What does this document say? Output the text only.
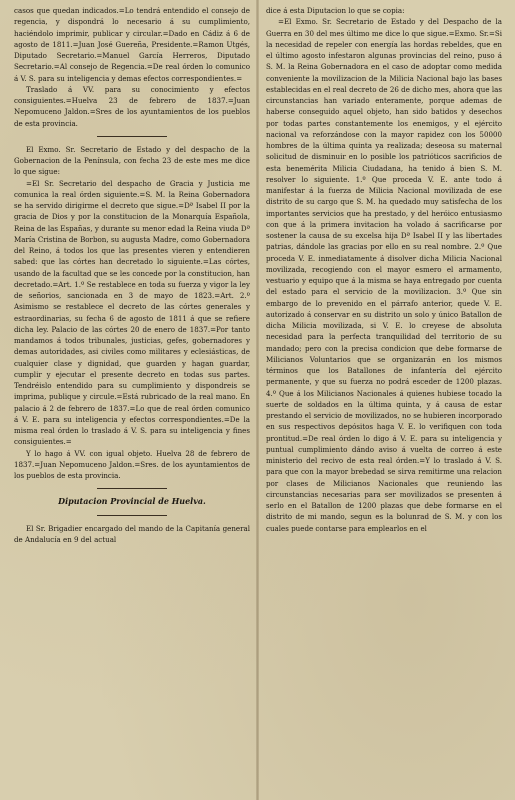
casos que quedan indicados.=Lo tendrá entendido el consejo de regencia, y dispondrá lo necesario á su cumplimiento, haciéndolo imprimir, publicar y circular.=Dado en Cádiz á 6 de agosto de 1811.=Juan José Guereña, Presidente.=Ramon Utgés, Diputado Secretario.=Manuel García Herreros, Diputado Secretario.=Al consejo de Regencia.=De real órden lo comunico á V. S. para su inteligencia y demas efectos correspondientes.=

Traslado á VV. para su conocimiento y efectos consiguientes.=Huelva 23 de febrero de 1837.=Juan Nepomuceno Jaldon.=Sres de los ayuntamientos de los pueblos de esta provincia.

El Exmo. Sr. Secretario de Estado y del despacho de la Gobernacion de la Península, con fecha 23 de este mes me dice lo que sigue:

=El Sr. Secretario del despacho de Gracia y Justicia me comunica la real órden siguiente.=S. M. la Reina Gobernadora se ha servido dirigirme el decreto que sigue.=Dª Isabel II por la gracia de Dios y por la constitucion de la Monarquía Española, Reina de las Españas, y durante su menor edad la Reina viuda Dª María Cristina de Borbon, su augusta Madre, como Gobernadora del Reino, á todos los que las presentes vieren y entendieren sabed: que las córtes han decretado lo siguiente.=Las córtes, usando de la facultad que se les concede por la constitucion, han decretado.=Art. 1.º Se restablece en toda su fuerza y vigor la ley de señorios, sancionada en 3 de mayo de 1823.=Art. 2.º Asimismo se restablece el decreto de las córtes generales y estraordinarias, su fecha 6 de agosto de 1811 á que se refiere dicha ley. Palacio de las córtes 20 de enero de 1837.=Por tanto mandamos á todos tribunales, justicias, gefes, gobernadores y demas autoridades, asi civiles como militares y eclesiásticas, de cualquier clase y dignidad, que guarden y hagan guardar, cumplir y ejecutar el presente decreto en todas sus partes. Tendréislo entendido para su cumplimiento y dispondreis se imprima, publique y circule.=Está rubricado de la real mano. En palacio á 2 de febrero de 1837.=Lo que de real órden comunico á V. E. para su inteligencia y efectos correspondientes.=De la misma real órden lo traslado á V. S. para su inteligencia y fines consiguientes.=

Y lo hago á VV. con igual objeto. Huelva 28 de febrero de 1837.=Juan Nepomuceno Jaldon.=Sres. de los ayuntamientos de los pueblos de esta provincia.

Diputacion Provincial de Huelva.

El Sr. Brigadier encargado del mando de la Capitanía general de Andalucía en 9 del actual

dice á esta Diputacion lo que se copia:

=El Exmo. Sr. Secretario de Estado y del Despacho de la Guerra en 30 del mes último me dice lo que sigue.=Exmo. Sr.=Si la necesidad de repeler con energía las hordas rebeldes, que en el último agosto infestaron algunas provincias del reino, puso á S. M. la Reina Gobernadora en el caso de adoptar como medida conveniente la movilizacion de la Milicia Nacional bajo las bases establecidas en el real decreto de 26 de dicho mes, ahora que las circunstancias han variado enteramente, porque ademas de haberse conseguido aquel objeto, han sido batidos y desechos por todas partes constantemente los enemigos, y el ejército nacional va reforzándose con la mayor rapidez con los 50000 hombres de la última quinta ya realizada; deseosa su maternal solicitud de disminuir en lo posible los patrióticos sacrificios de esta benemérita Milicia Ciudadana, ha tenido á bien S. M. resolver lo siguiente. 1.º Que proceda V. E. ante todo á manifestar á la fuerza de Milicia Nacional movilizada de ese distrito de su cargo que S. M. ha quedado muy satisfecha de los importantes servicios que ha prestado, y del heróico entusiasmo con que á la primera invitacion ha volado á sacrificarse por sostener la causa de su excelsa hija Dª Isabel II y las libertades patrias, dándole las gracias por ello en su real nombre. 2.º Que proceda V. E. inmediatamente á disolver dicha Milicia Nacional movilizada, recogiendo con el mayor esmero el armamento, vestuario y equipo que á la misma se haya entregado por cuenta del estado para el servicio de la movilizacion. 3.º Que sin embargo de lo prevenido en el párrafo anterior, quede V. E. autorizado á conservar en su distrito un solo y único Batallon de dicha Milicia movilizada, si V. E. lo creyese de absoluta necesidad para la perfecta tranquilidad del territorio de su mandado; pero con la precisa condicion que debe formarse de Milicianos Voluntarios que se organizarán en los mismos términos que los Batallones de infantería del ejército permanente, y que su fuerza no podrá esceder de 1200 plazas. 4.º Que á los Milicianos Nacionales á quienes hubiese tocado la suerte de soldados en la última quinta, y á causa de estar prestando el servicio de movilizados, no se hubieren incorporado en sus respectivos depósitos haga V. E. lo verifiquen con toda prontitud.=De real órden lo digo á V. E. para su inteligencia y puntual cumplimiento dándo aviso á vuelta de correo á este ministerio del recivo de esta real órden.=Y lo traslado á V. S. para que con la mayor brebedad se sirva remitirme una relacion por clases de Milicianos Nacionales que reuniendo las circunstancias necesarias para ser movilizados se presenten á serlo en el Batallon de 1200 plazas que debe formarse en el distrito de mi mando, segun es la bolunrad de S. M. y con los cuales puede contarse para emplearlos en el
